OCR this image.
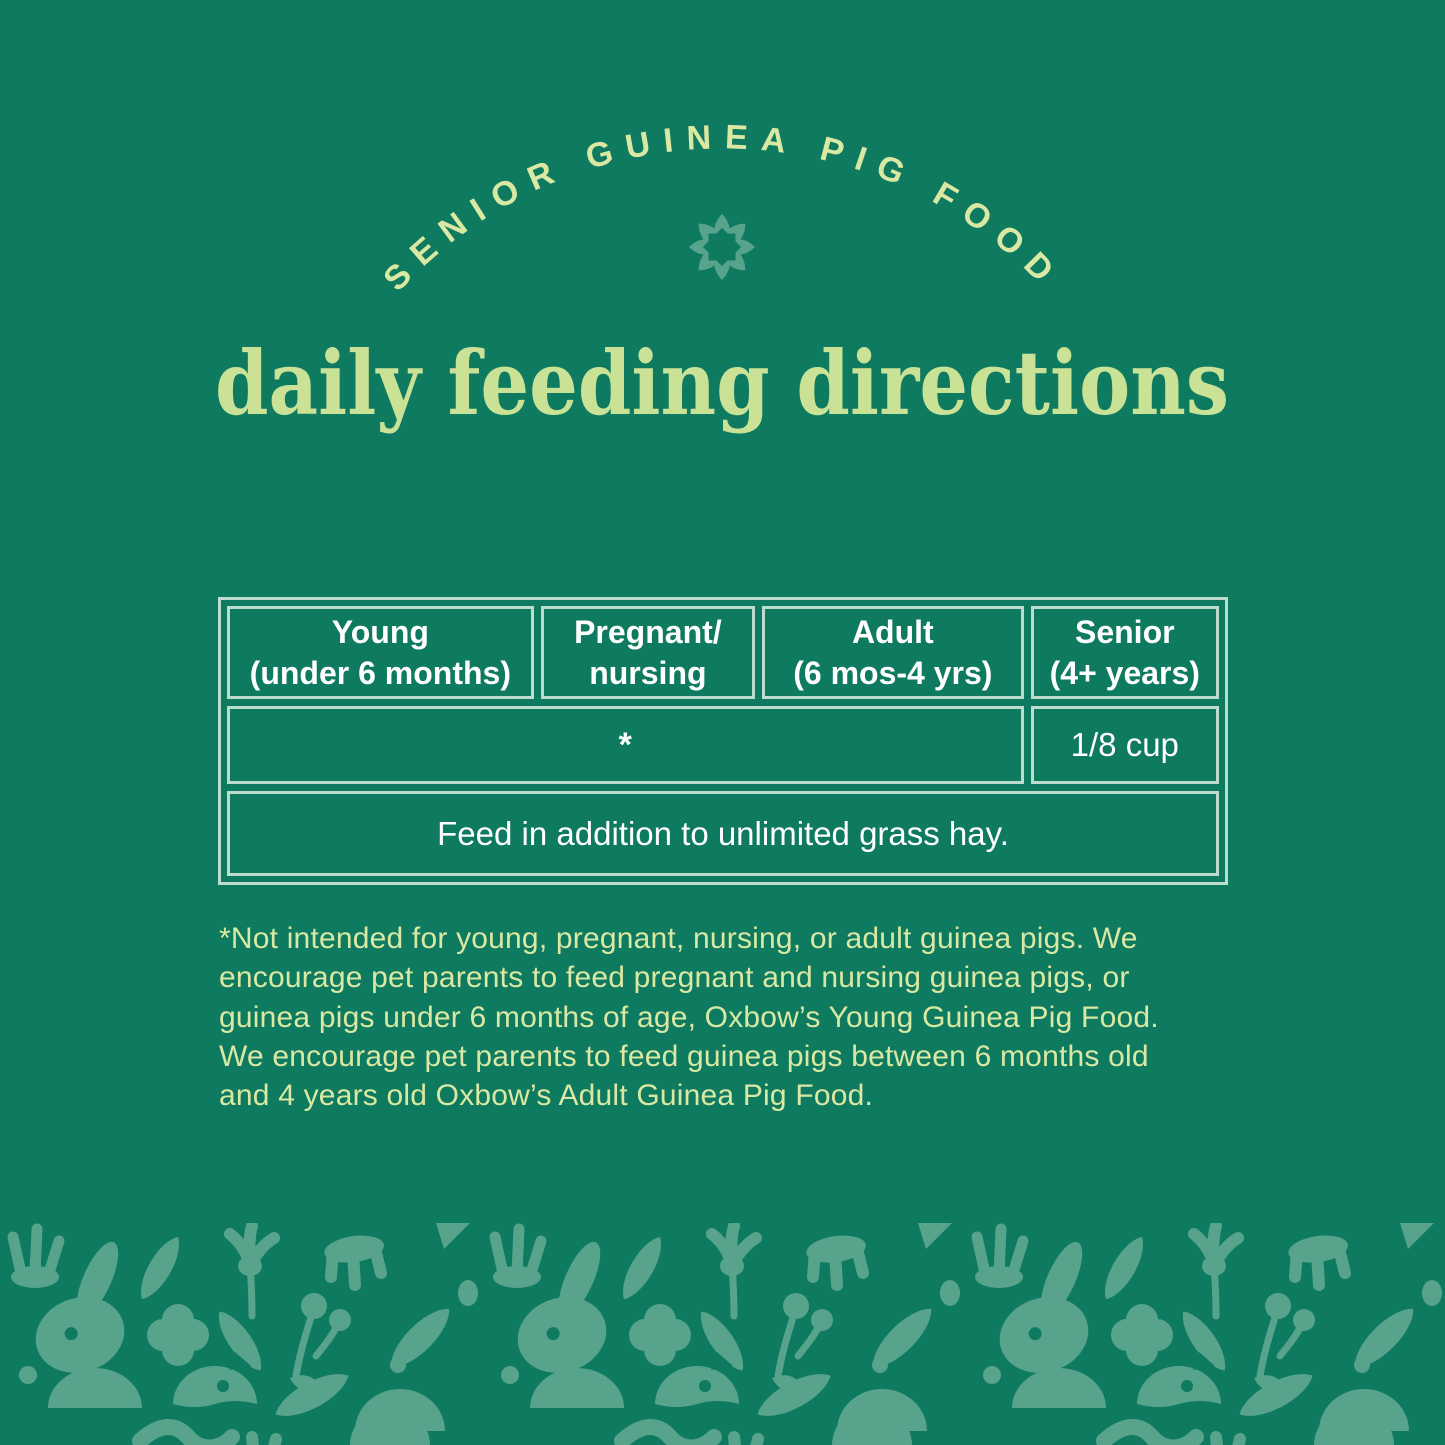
SENIOR GUINEA PIG FOOD
daily feeding directions
Young
(under 6 months)
Pregnant/
nursing
Adult
(6 mos-4 yrs)
Senior
(4+ years)
*	1/8 cup
Feed in addition to unlimited grass hay.
*Not intended for young, pregnant, nursing, or adult guinea pigs. We encourage pet parents to feed pregnant and nursing guinea pigs, or guinea pigs under 6 months of age, Oxbow’s Young Guinea Pig Food. We encourage pet parents to feed guinea pigs between 6 months old and 4 years old Oxbow’s Adult Guinea Pig Food.
